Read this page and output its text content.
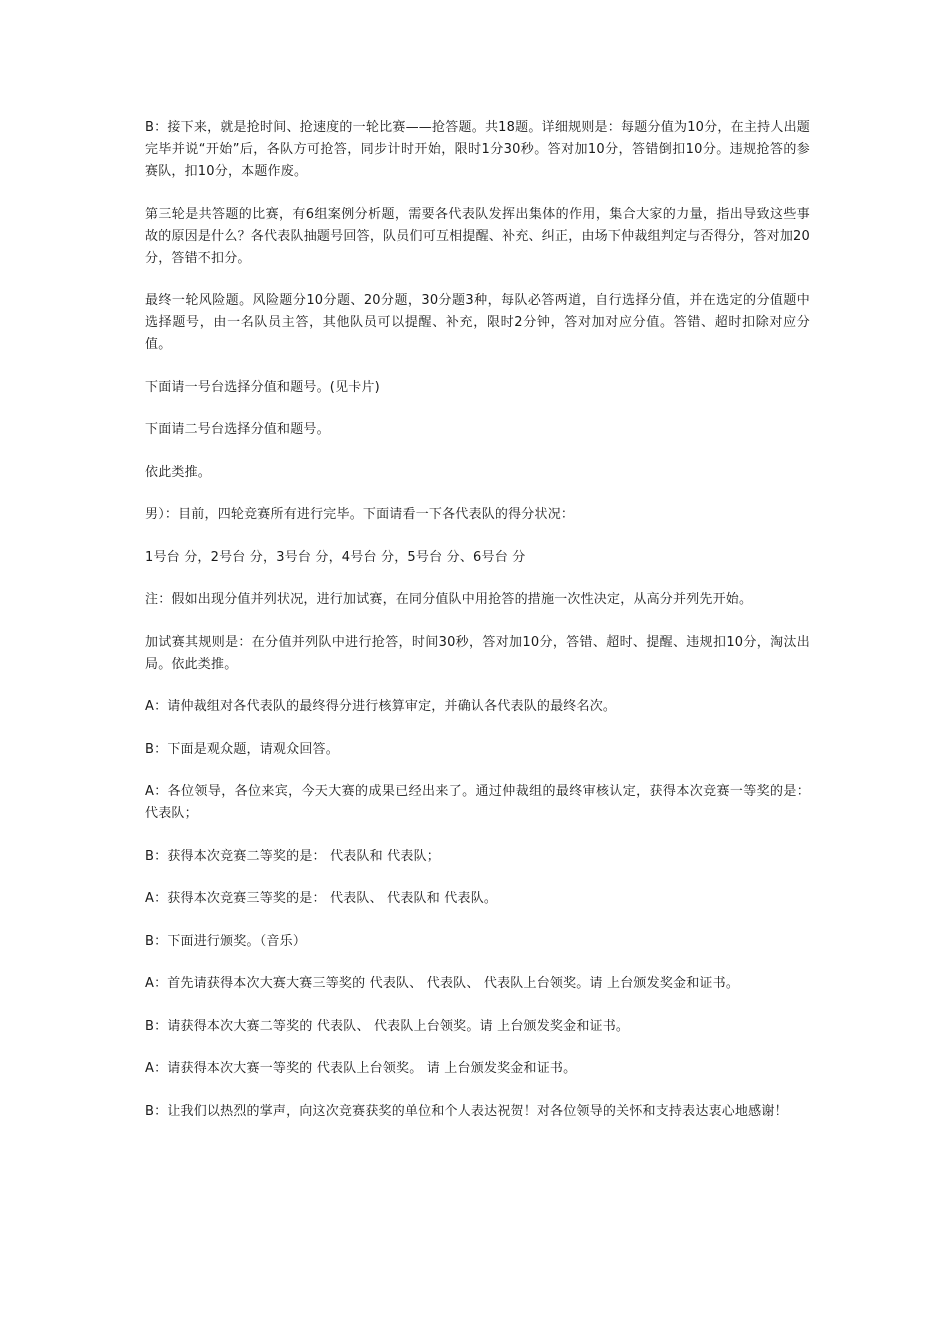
B：接下来，就是抢时间、抢速度的一轮比赛——抢答题。共18题。详细规则是：每题分值为10分，在主持人出题完毕并说“开始”后，各队方可抢答，同步计时开始，限时1分30秒。答对加10分，答错倒扣10分。违规抢答的参赛队，扣10分，本题作废。

第三轮是共答题的比赛，有6组案例分析题，需要各代表队发挥出集体的作用，集合大家的力量，指出导致这些事故的原因是什么？各代表队抽题号回答，队员们可互相提醒、补充、纠正，由场下仲裁组判定与否得分，答对加20分，答错不扣分。

最终一轮风险题。风险题分10分题、20分题，30分题3种，每队必答两道，自行选择分值，并在选定的分值题中选择题号，由一名队员主答，其他队员可以提醒、补充，限时2分钟，答对加对应分值。答错、超时扣除对应分值。

下面请一号台选择分值和题号。(见卡片)

下面请二号台选择分值和题号。

依此类推。

男）：目前，四轮竞赛所有进行完毕。下面请看一下各代表队的得分状况：

1号台 分，2号台 分，3号台 分，4号台 分，5号台 分、6号台 分

注：假如出现分值并列状况，进行加试赛，在同分值队中用抢答的措施一次性决定，从高分并列先开始。

加试赛其规则是：在分值并列队中进行抢答，时间30秒，答对加10分，答错、超时、提醒、违规扣10分，淘汰出局。依此类推。

A：请仲裁组对各代表队的最终得分进行核算审定，并确认各代表队的最终名次。

B：下面是观众题，请观众回答。

A：各位领导，各位来宾，今天大赛的成果已经出来了。通过仲裁组的最终审核认定，获得本次竞赛一等奖的是： 代表队；

B：获得本次竞赛二等奖的是： 代表队和 代表队；

A：获得本次竞赛三等奖的是： 代表队、 代表队和 代表队。

B：下面进行颁奖。（音乐）

A：首先请获得本次大赛大赛三等奖的 代表队、 代表队、 代表队上台领奖。请 上台颁发奖金和证书。

B：请获得本次大赛二等奖的 代表队、 代表队上台领奖。请 上台颁发奖金和证书。

A：请获得本次大赛一等奖的 代表队上台领奖。 请 上台颁发奖金和证书。

B：让我们以热烈的掌声，向这次竞赛获奖的单位和个人表达祝贺！对各位领导的关怀和支持表达衷心地感谢！
